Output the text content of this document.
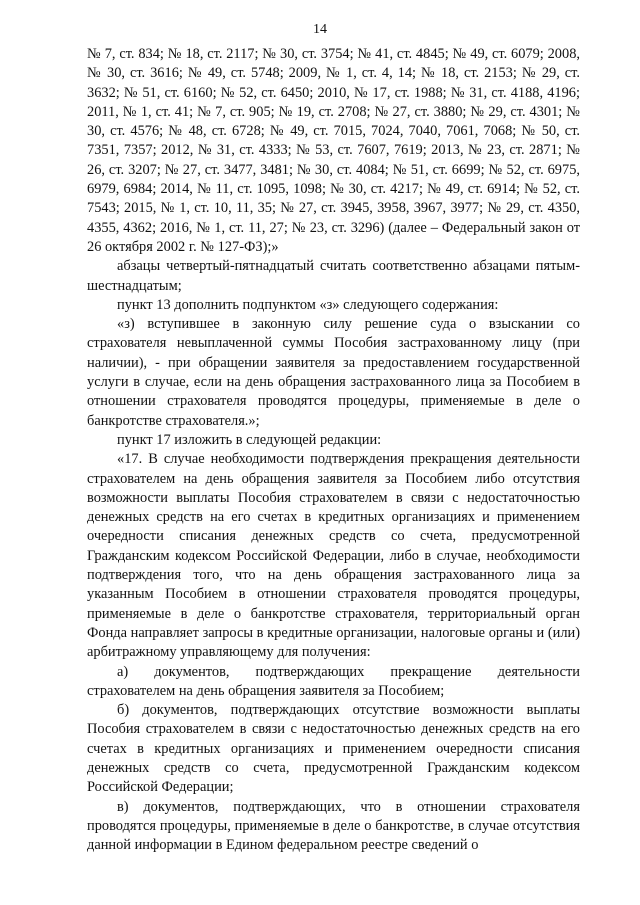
14

№ 7, ст. 834; № 18, ст. 2117; № 30, ст. 3754; № 41, ст. 4845; № 49, ст. 6079; 2008, № 30, ст. 3616; № 49, ст. 5748; 2009, № 1, ст. 4, 14; № 18, ст. 2153; № 29, ст. 3632; № 51, ст. 6160; № 52, ст. 6450; 2010, № 17, ст. 1988; № 31, ст. 4188, 4196; 2011, № 1, ст. 41; № 7, ст. 905; № 19, ст. 2708; № 27, ст. 3880; № 29, ст. 4301; № 30, ст. 4576; № 48, ст. 6728; № 49, ст. 7015, 7024, 7040, 7061, 7068; № 50, ст. 7351, 7357; 2012, № 31, ст. 4333; № 53, ст. 7607, 7619; 2013, № 23, ст. 2871; № 26, ст. 3207; № 27, ст. 3477, 3481; № 30, ст. 4084; № 51, ст. 6699; № 52, ст. 6975, 6979, 6984; 2014, № 11, ст. 1095, 1098; № 30, ст. 4217; № 49, ст. 6914; № 52, ст. 7543; 2015, № 1, ст. 10, 11, 35; № 27, ст. 3945, 3958, 3967, 3977; № 29, ст. 4350, 4355, 4362; 2016, № 1, ст. 11, 27; № 23, ст. 3296) (далее – Федеральный закон от 26 октября 2002 г. № 127-ФЗ);»

абзацы четвертый-пятнадцатый считать соответственно абзацами пятым-шестнадцатым;

пункт 13 дополнить подпунктом «з» следующего содержания:

«з) вступившее в законную силу решение суда о взыскании со страхователя невыплаченной суммы Пособия застрахованному лицу (при наличии), - при обращении заявителя за предоставлением государственной услуги в случае, если на день обращения застрахованного лица за Пособием в отношении страхователя проводятся процедуры, применяемые в деле о банкротстве страхователя.»;

пункт 17 изложить в следующей редакции:

«17. В случае необходимости подтверждения прекращения деятельности страхователем на день обращения заявителя за Пособием либо отсутствия возможности выплаты Пособия страхователем в связи с недостаточностью денежных средств на его счетах в кредитных организациях и применением очередности списания денежных средств со счета, предусмотренной Гражданским кодексом Российской Федерации, либо в случае, необходимости подтверждения того, что на день обращения застрахованного лица за указанным Пособием в отношении страхователя проводятся процедуры, применяемые в деле о банкротстве страхователя, территориальный орган Фонда направляет запросы в кредитные организации, налоговые органы и (или) арбитражному управляющему для получения:

а) документов, подтверждающих прекращение деятельности страхователем на день обращения заявителя за Пособием;

б) документов, подтверждающих отсутствие возможности выплаты Пособия страхователем в связи с недостаточностью денежных средств на его счетах в кредитных организациях и применением очередности списания денежных средств со счета, предусмотренной Гражданским кодексом Российской Федерации;

в) документов, подтверждающих, что в отношении страхователя проводятся процедуры, применяемые в деле о банкротстве, в случае отсутствия данной информации в Едином федеральном реестре сведений о
